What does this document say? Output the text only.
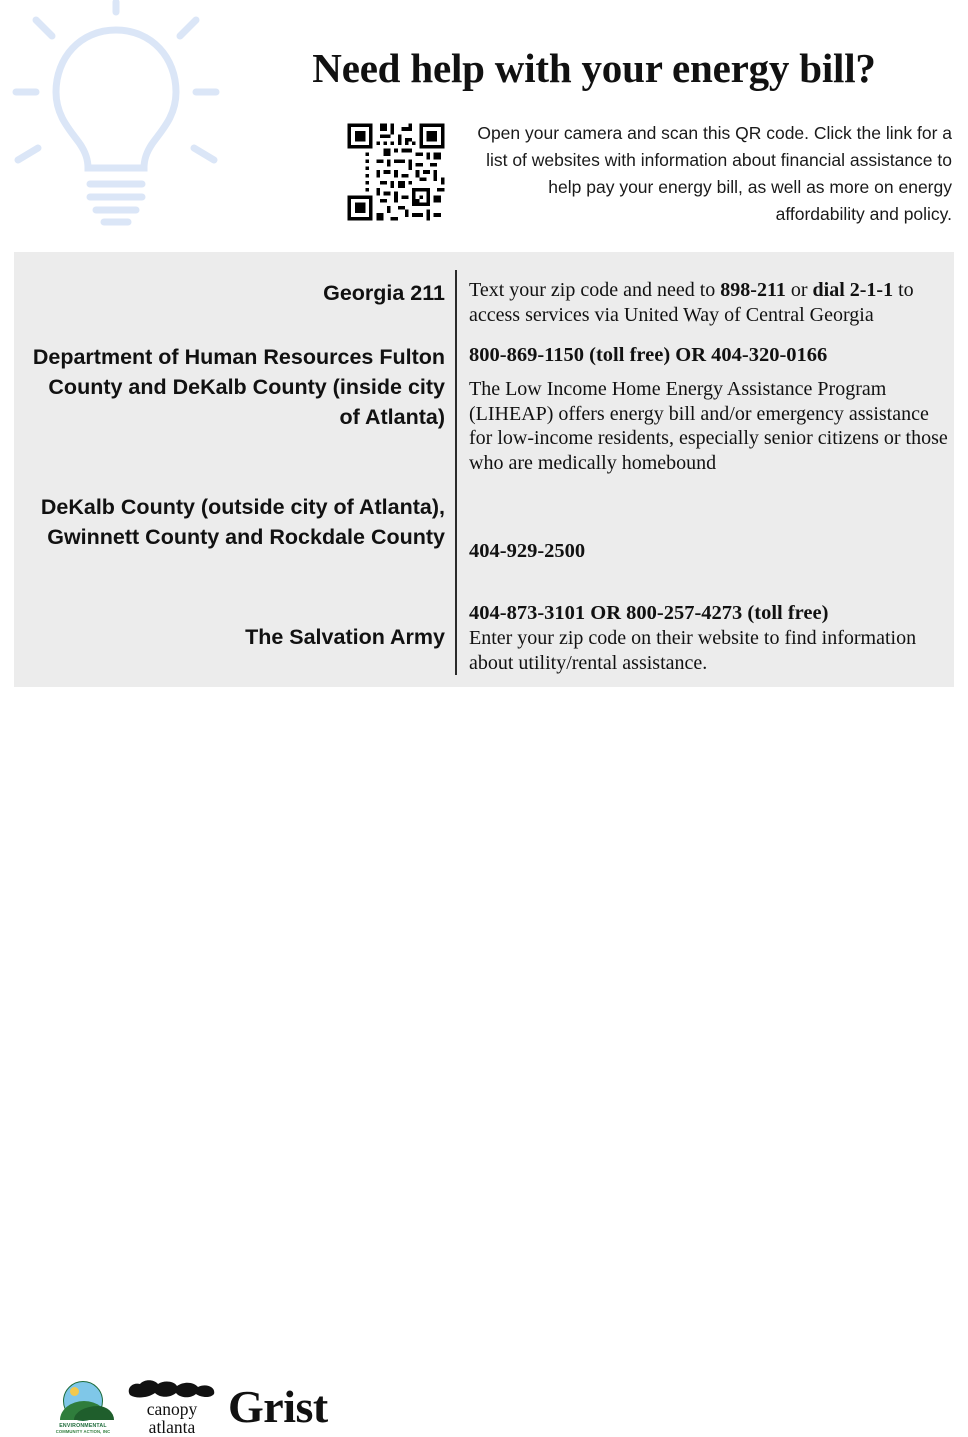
Need help with your energy bill?
Open your camera and scan this QR code. Click the link for a list of websites with information about financial assistance to help pay your energy bill, as well as more on energy affordability and policy.
Georgia 211 Text your zip code and need to 898-211 or dial 2-1-1 to access services via United Way of Central Georgia
Department of Human Resources Fulton County and DeKalb County (inside city of Atlanta)
800-869-1150 (toll free) OR 404-320-0166
The Low Income Home Energy Assistance Program (LIHEAP) offers energy bill and/or emergency assistance for low-income residents, especially senior citizens or those who are medically homebound
DeKalb County (outside city of Atlanta), Gwinnett County and Rockdale County
404-929-2500
The Salvation Army
404-873-3101 OR 800-257-4273 (toll free)
Enter your zip code on their website to find information about utility/rental assistance.
ENVIRONMENTAL
COMMUNITY ACTION, INC
canopy
atlanta Grist
